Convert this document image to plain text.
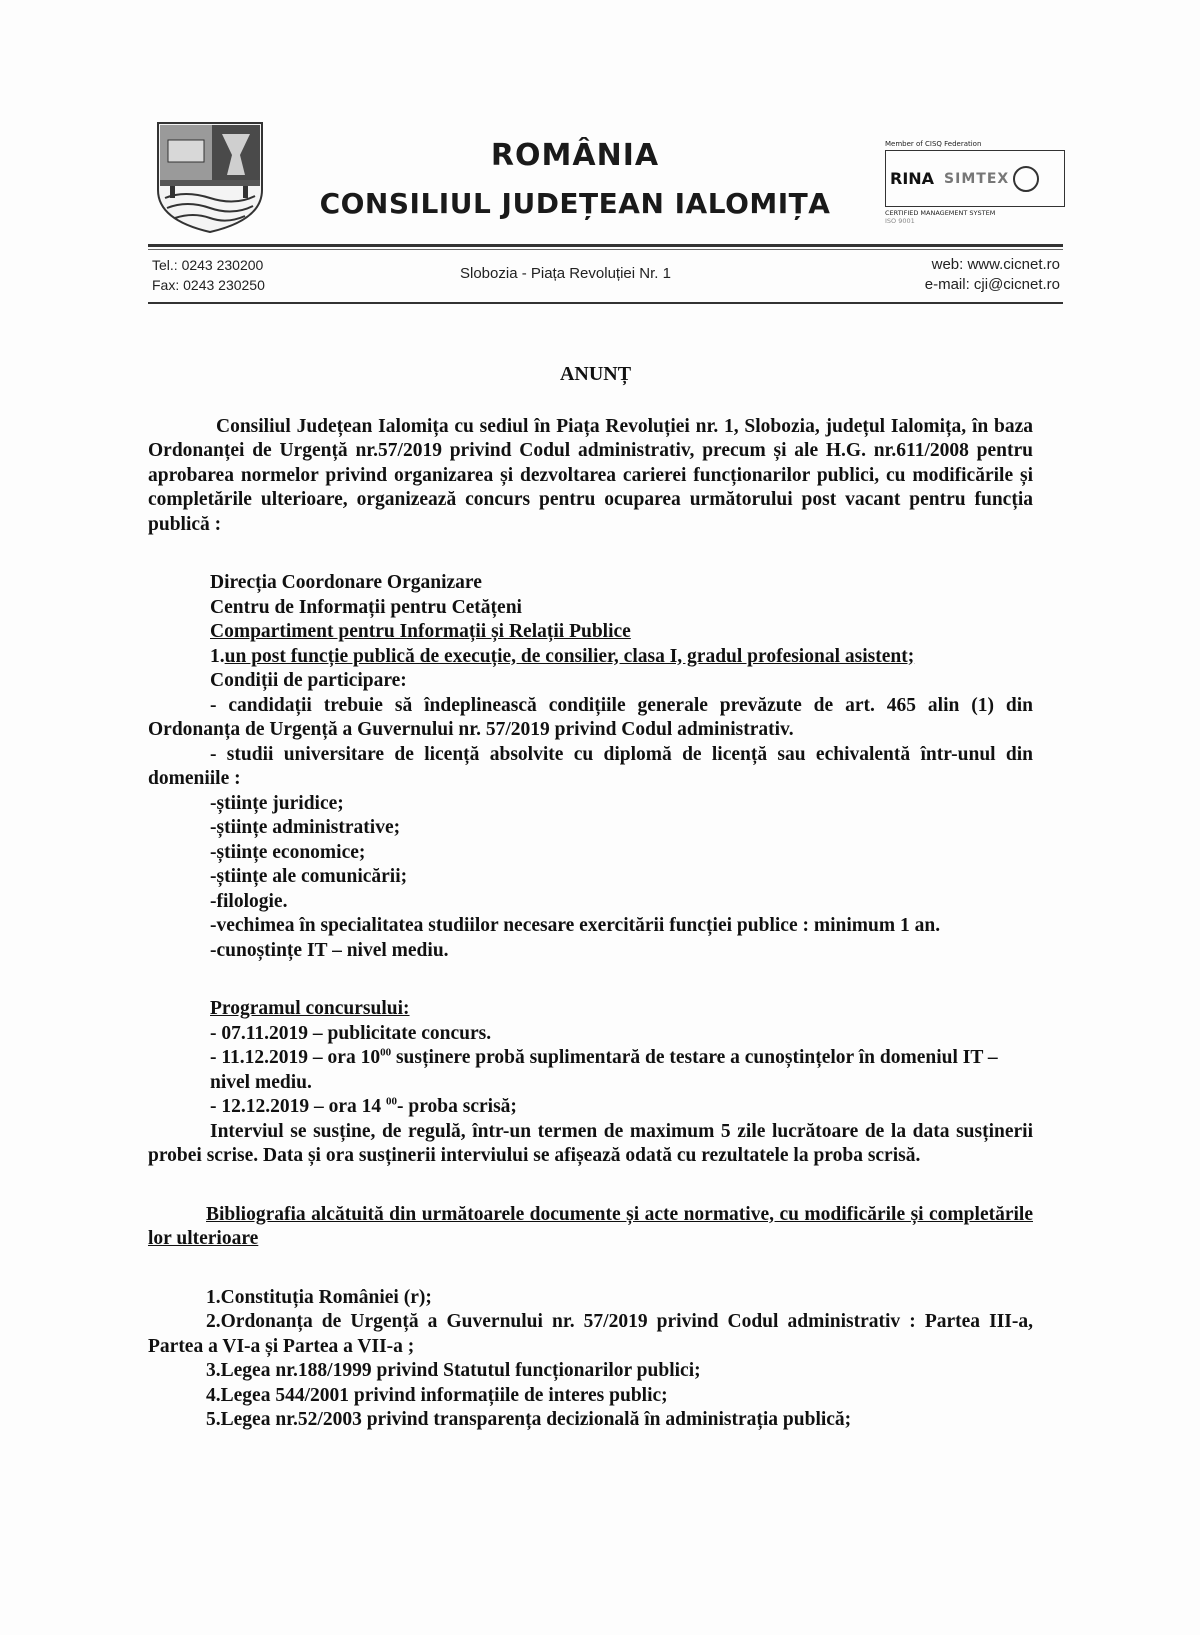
ROMÂNIA
CONSILIUL JUDEȚEAN IALOMIȚA
Member of CISQ Federation
RINA SIMTEX
CERTIFIED MANAGEMENT SYSTEM
ISO 9001
Tel.: 0243 230200
Fax: 0243 230250
Slobozia - Piața Revoluției Nr. 1
web: www.cicnet.ro
e-mail: cji@cicnet.ro

ANUNȚ

Consiliul Județean Ialomița cu sediul în Piața Revoluției nr. 1, Slobozia, județul Ialomița, în baza Ordonanței de Urgență nr.57/2019 privind Codul administrativ, precum și ale H.G. nr.611/2008 pentru aprobarea normelor privind organizarea și dezvoltarea carierei funcționarilor publici, cu modificările și completările ulterioare, organizează concurs pentru ocuparea următorului post vacant pentru funcția publică :

Direcția Coordonare Organizare

Centru de Informații pentru Cetățeni

Compartiment pentru Informații și Relații Publice

1.un post funcție publică de execuție, de consilier, clasa I, gradul profesional asistent;

Condiții de participare:

- candidații trebuie să îndeplinească condițiile generale prevăzute de art. 465 alin (1) din Ordonanța de Urgență a Guvernului nr. 57/2019 privind Codul administrativ.

- studii universitare de licență absolvite cu diplomă de licență sau echivalentă într-unul din domeniile :

-științe juridice;

-științe administrative;

-științe economice;

-științe ale comunicării;

-filologie.

-vechimea în specialitatea studiilor necesare exercitării funcției publice : minimum 1 an.

-cunoștințe IT – nivel mediu.

Programul concursului:

- 07.11.2019 – publicitate concurs.

- 11.12.2019 – ora $10^{00}$ susținere probă suplimentară de testare a cunoștințelor în domeniul IT – nivel mediu.

- 12.12.2019 – ora 14 $^{00}$- proba scrisă;

Interviul se susține, de regulă, într-un termen de maximum 5 zile lucrătoare de la data susținerii probei scrise. Data și ora susținerii interviului se afișează odată cu rezultatele la proba scrisă.

Bibliografia alcătuită din următoarele documente și acte normative, cu modificările și completările lor ulterioare

1.Constituția României (r);

2.Ordonanța de Urgență a Guvernului nr. 57/2019 privind Codul administrativ : Partea III-a, Partea a VI-a și Partea a VII-a ;

3.Legea nr.188/1999 privind Statutul funcționarilor publici;

4.Legea 544/2001 privind informațiile de interes public;

5.Legea nr.52/2003 privind transparența decizională în administrația publică;
